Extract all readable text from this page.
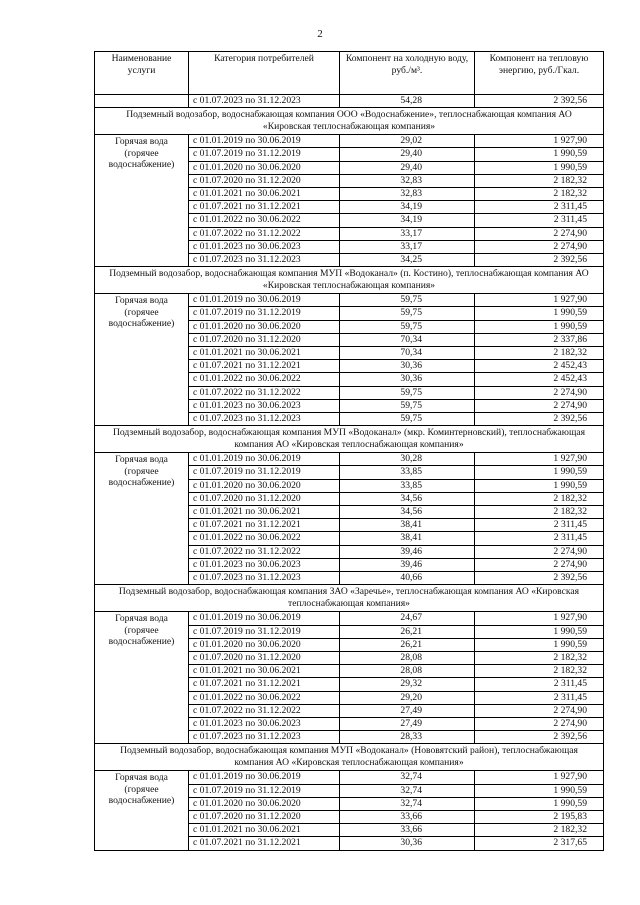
2
Наименование услуги	Категория потребителей	Компонент на холодную воду, руб./м³.	Компонент на тепловую энергию, руб./Гкал.
	с 01.07.2023 по 31.12.2023	54,28	2 392,56
Подземный водозабор, водоснабжающая компания ООО «Водоснабжение», теплоснабжающая компания АО «Кировская теплоснабжающая компания»			
Горячая вода (горячее водоснабжение)	с 01.01.2019 по 30.06.2019	29,02	1 927,90
	с 01.07.2019 по 31.12.2019	29,40	1 990,59
	с 01.01.2020 по 30.06.2020	29,40	1 990,59
	с 01.07.2020 по 31.12.2020	32,83	2 182,32
	с 01.01.2021 по 30.06.2021	32,83	2 182,32
	с 01.07.2021 по 31.12.2021	34,19	2 311,45
	с 01.01.2022 по 30.06.2022	34,19	2 311,45
	с 01.07.2022 по 31.12.2022	33,17	2 274,90
	с 01.01.2023 по 30.06.2023	33,17	2 274,90
	с 01.07.2023 по 31.12.2023	34,25	2 392,56
Подземный водозабор, водоснабжающая компания МУП «Водоканал» (п. Костино), теплоснабжающая компания АО «Кировская теплоснабжающая компания»			
Горячая вода (горячее водоснабжение)	с 01.01.2019 по 30.06.2019	59,75	1 927,90
	с 01.07.2019 по 31.12.2019	59,75	1 990,59
	с 01.01.2020 по 30.06.2020	59,75	1 990,59
	с 01.07.2020 по 31.12.2020	70,34	2 337,86
	с 01.01.2021 по 30.06.2021	70,34	2 182,32
	с 01.07.2021 по 31.12.2021	30,36	2 452,43
	с 01.01.2022 по 30.06.2022	30,36	2 452,43
	с 01.07.2022 по 31.12.2022	59,75	2 274,90
	с 01.01.2023 по 30.06.2023	59,75	2 274,90
	с 01.07.2023 по 31.12.2023	59,75	2 392,56
Подземный водозабор, водоснабжающая компания МУП «Водоканал» (мкр. Коминтерновский), теплоснабжающая компания АО «Кировская теплоснабжающая компания»			
Горячая вода (горячее водоснабжение)	с 01.01.2019 по 30.06.2019	30,28	1 927,90
	с 01.07.2019 по 31.12.2019	33,85	1 990,59
	с 01.01.2020 по 30.06.2020	33,85	1 990,59
	с 01.07.2020 по 31.12.2020	34,56	2 182,32
	с 01.01.2021 по 30.06.2021	34,56	2 182,32
	с 01.07.2021 по 31.12.2021	38,41	2 311,45
	с 01.01.2022 по 30.06.2022	38,41	2 311,45
	с 01.07.2022 по 31.12.2022	39,46	2 274,90
	с 01.01.2023 по 30.06.2023	39,46	2 274,90
	с 01.07.2023 по 31.12.2023	40,66	2 392,56
Подземный водозабор, водоснабжающая компания ЗАО «Заречье», теплоснабжающая компания АО «Кировская теплоснабжающая компания»			
Горячая вода (горячее водоснабжение)	с 01.01.2019 по 30.06.2019	24,67	1 927,90
	с 01.07.2019 по 31.12.2019	26,21	1 990,59
	с 01.01.2020 по 30.06.2020	26,21	1 990,59
	с 01.07.2020 по 31.12.2020	28,08	2 182,32
	с 01.01.2021 по 30.06.2021	28,08	2 182,32
	с 01.07.2021 по 31.12.2021	29,32	2 311,45
	с 01.01.2022 по 30.06.2022	29,20	2 311,45
	с 01.07.2022 по 31.12.2022	27,49	2 274,90
	с 01.01.2023 по 30.06.2023	27,49	2 274,90
	с 01.07.2023 по 31.12.2023	28,33	2 392,56
Подземный водозабор, водоснабжающая компания МУП «Водоканал» (Нововятский район), теплоснабжающая компания АО «Кировская теплоснабжающая компания»			
Горячая вода (горячее водоснабжение)	с 01.01.2019 по 30.06.2019	32,74	1 927,90
	с 01.07.2019 по 31.12.2019	32,74	1 990,59
	с 01.01.2020 по 30.06.2020	32,74	1 990,59
	с 01.07.2020 по 31.12.2020	33,66	2 195,83
	с 01.01.2021 по 30.06.2021	33,66	2 182,32
	с 01.07.2021 по 31.12.2021	30,36	2 317,65
